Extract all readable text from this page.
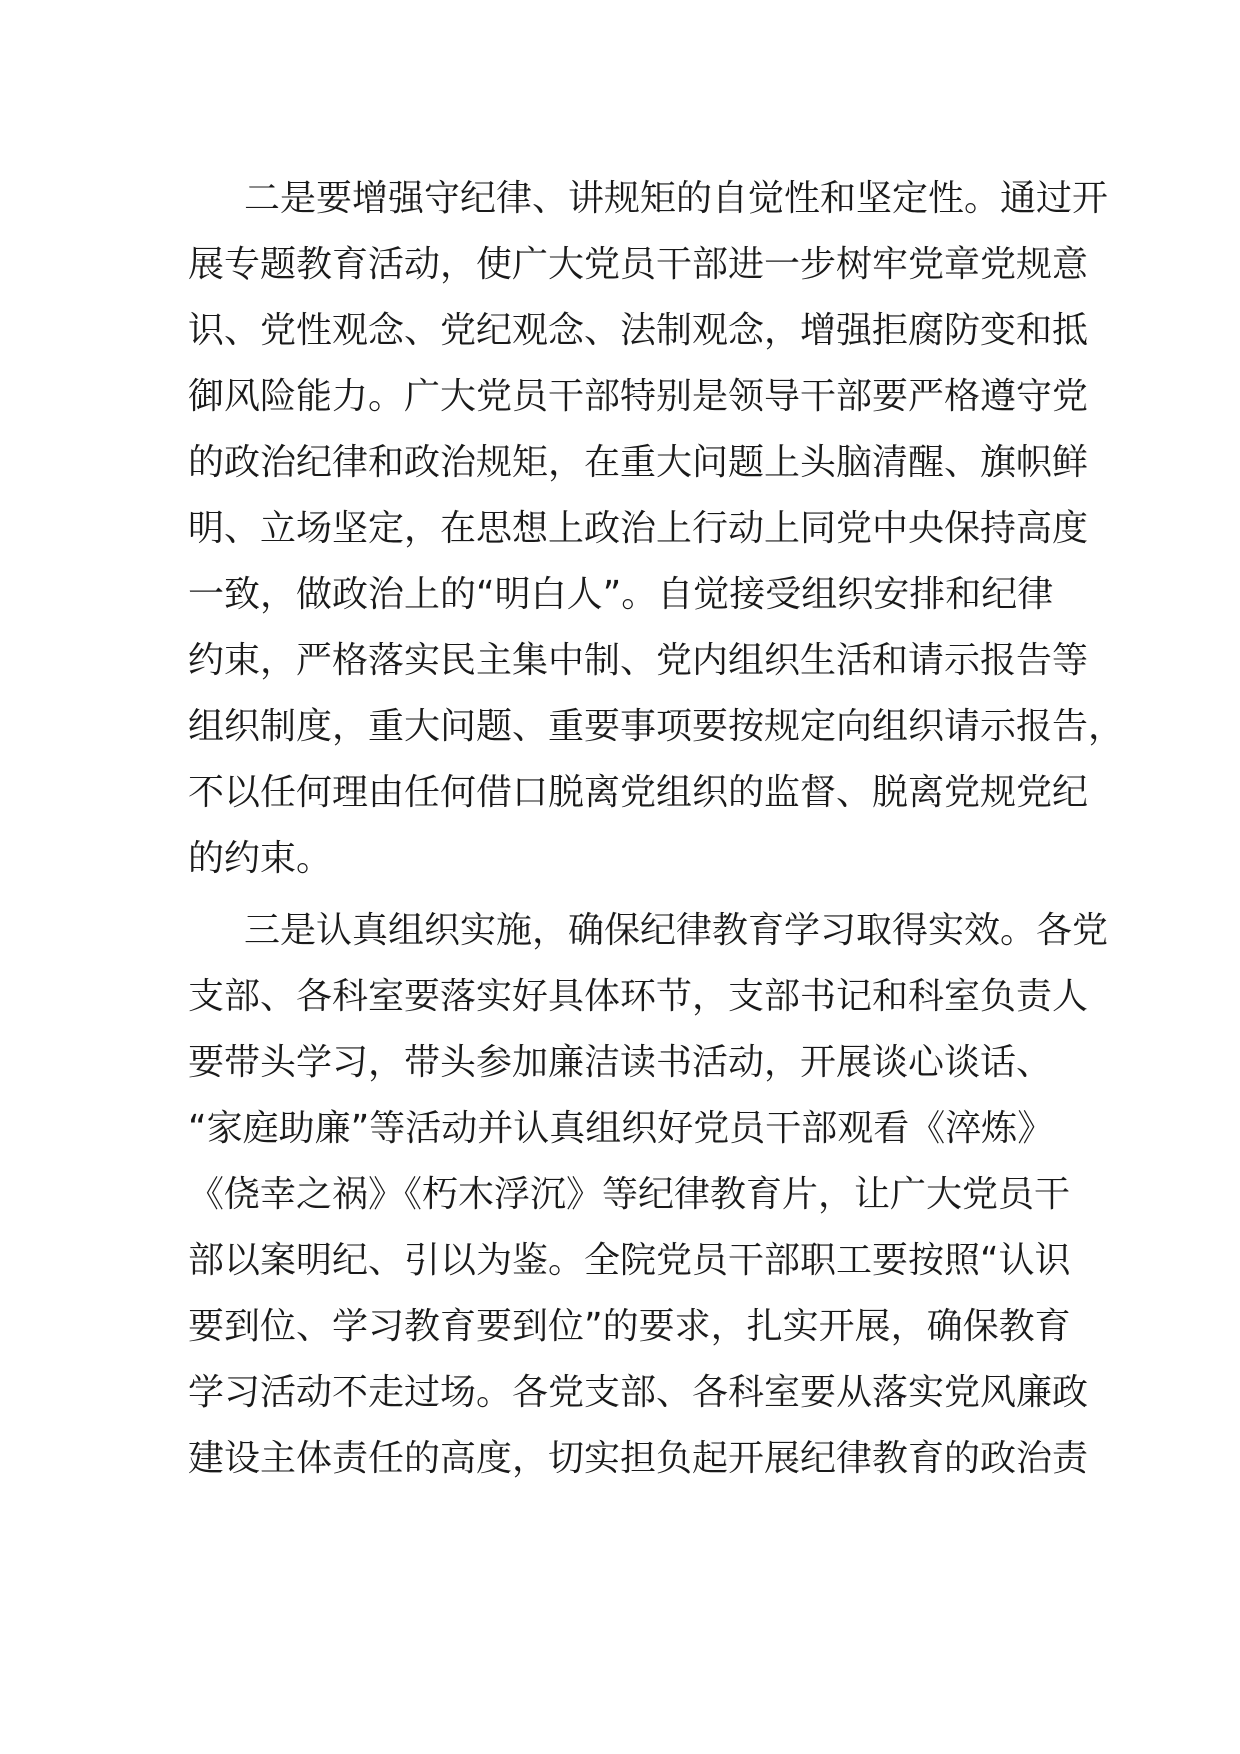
二是要增强守纪律、讲规矩的自觉性和坚定性。通过开
展专题教育活动，使广大党员干部进一步树牢党章党规意
识、党性观念、党纪观念、法制观念，增强拒腐防变和抵
御风险能力。广大党员干部特别是领导干部要严格遵守党
的政治纪律和政治规矩，在重大问题上头脑清醒、旗帜鲜
明、立场坚定，在思想上政治上行动上同党中央保持高度
一致，做政治上的“明白人”。自觉接受组织安排和纪律
约束，严格落实民主集中制、党内组织生活和请示报告等
组织制度，重大问题、重要事项要按规定向组织请示报告，
不以任何理由任何借口脱离党组织的监督、脱离党规党纪
的约束。
三是认真组织实施，确保纪律教育学习取得实效。各党
支部、各科室要落实好具体环节，支部书记和科室负责人
要带头学习，带头参加廉洁读书活动，开展谈心谈话、
“家庭助廉”等活动并认真组织好党员干部观看《淬炼》
《侥幸之祸》《朽木浮沉》等纪律教育片，让广大党员干
部以案明纪、引以为鉴。全院党员干部职工要按照“认识
要到位、学习教育要到位”的要求，扎实开展，确保教育
学习活动不走过场。各党支部、各科室要从落实党风廉政
建设主体责任的高度，切实担负起开展纪律教育的政治责
